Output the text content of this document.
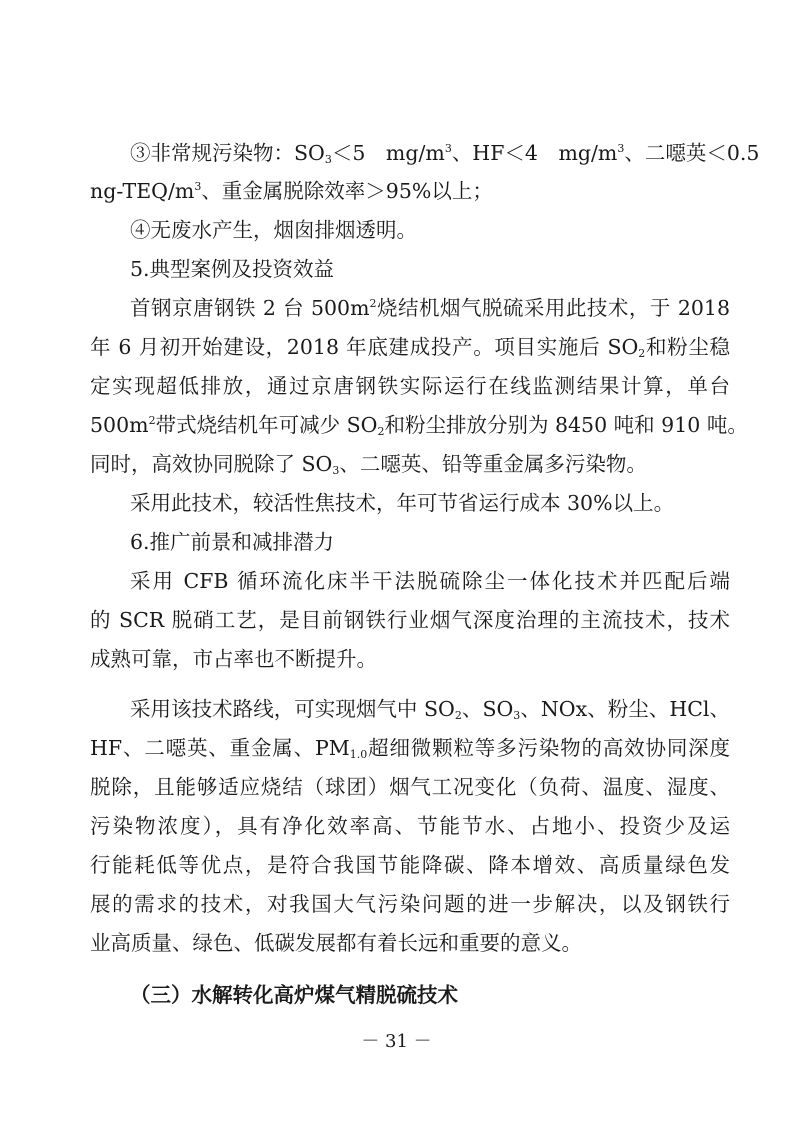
③非常规污染物：$SO_3<5$　$mg/m^3$、HF＜4　$mg/m^3$、二噁英＜0.5
$ng-TEQ/m^3$、重金属脱除效率＞95%以上；
④无废水产生，烟囱排烟透明。
5.典型案例及投资效益
首钢京唐钢铁 2 台 $500m^2$烧结机烟气脱硫采用此技术，于 2018
年 6 月初开始建设，2018 年底建成投产。项目实施后 $SO_2$和粉尘稳
定实现超低排放，通过京唐钢铁实际运行在线监测结果计算，单台
$500m^2$带式烧结机年可减少 $SO_2$和粉尘排放分别为 8450 吨和 910 吨。
同时，高效协同脱除了 $SO_3$、二噁英、铅等重金属多污染物。
采用此技术，较活性焦技术，年可节省运行成本 30%以上。
6.推广前景和减排潜力
采用 CFB 循环流化床半干法脱硫除尘一体化技术并匹配后端
的 SCR 脱硝工艺，是目前钢铁行业烟气深度治理的主流技术，技术
成熟可靠，市占率也不断提升。
采用该技术路线，可实现烟气中 $SO_2$、$SO_3$、NOx、粉尘、HCl、
HF、二噁英、重金属、$PM_{1.0}$超细微颗粒等多污染物的高效协同深度
脱除，且能够适应烧结（球团）烟气工况变化（负荷、温度、湿度、
污染物浓度），具有净化效率高、节能节水、占地小、投资少及运
行能耗低等优点，是符合我国节能降碳、降本增效、高质量绿色发
展的需求的技术，对我国大气污染问题的进一步解决，以及钢铁行
业高质量、绿色、低碳发展都有着长远和重要的意义。
（三）水解转化高炉煤气精脱硫技术
－ 31 －
